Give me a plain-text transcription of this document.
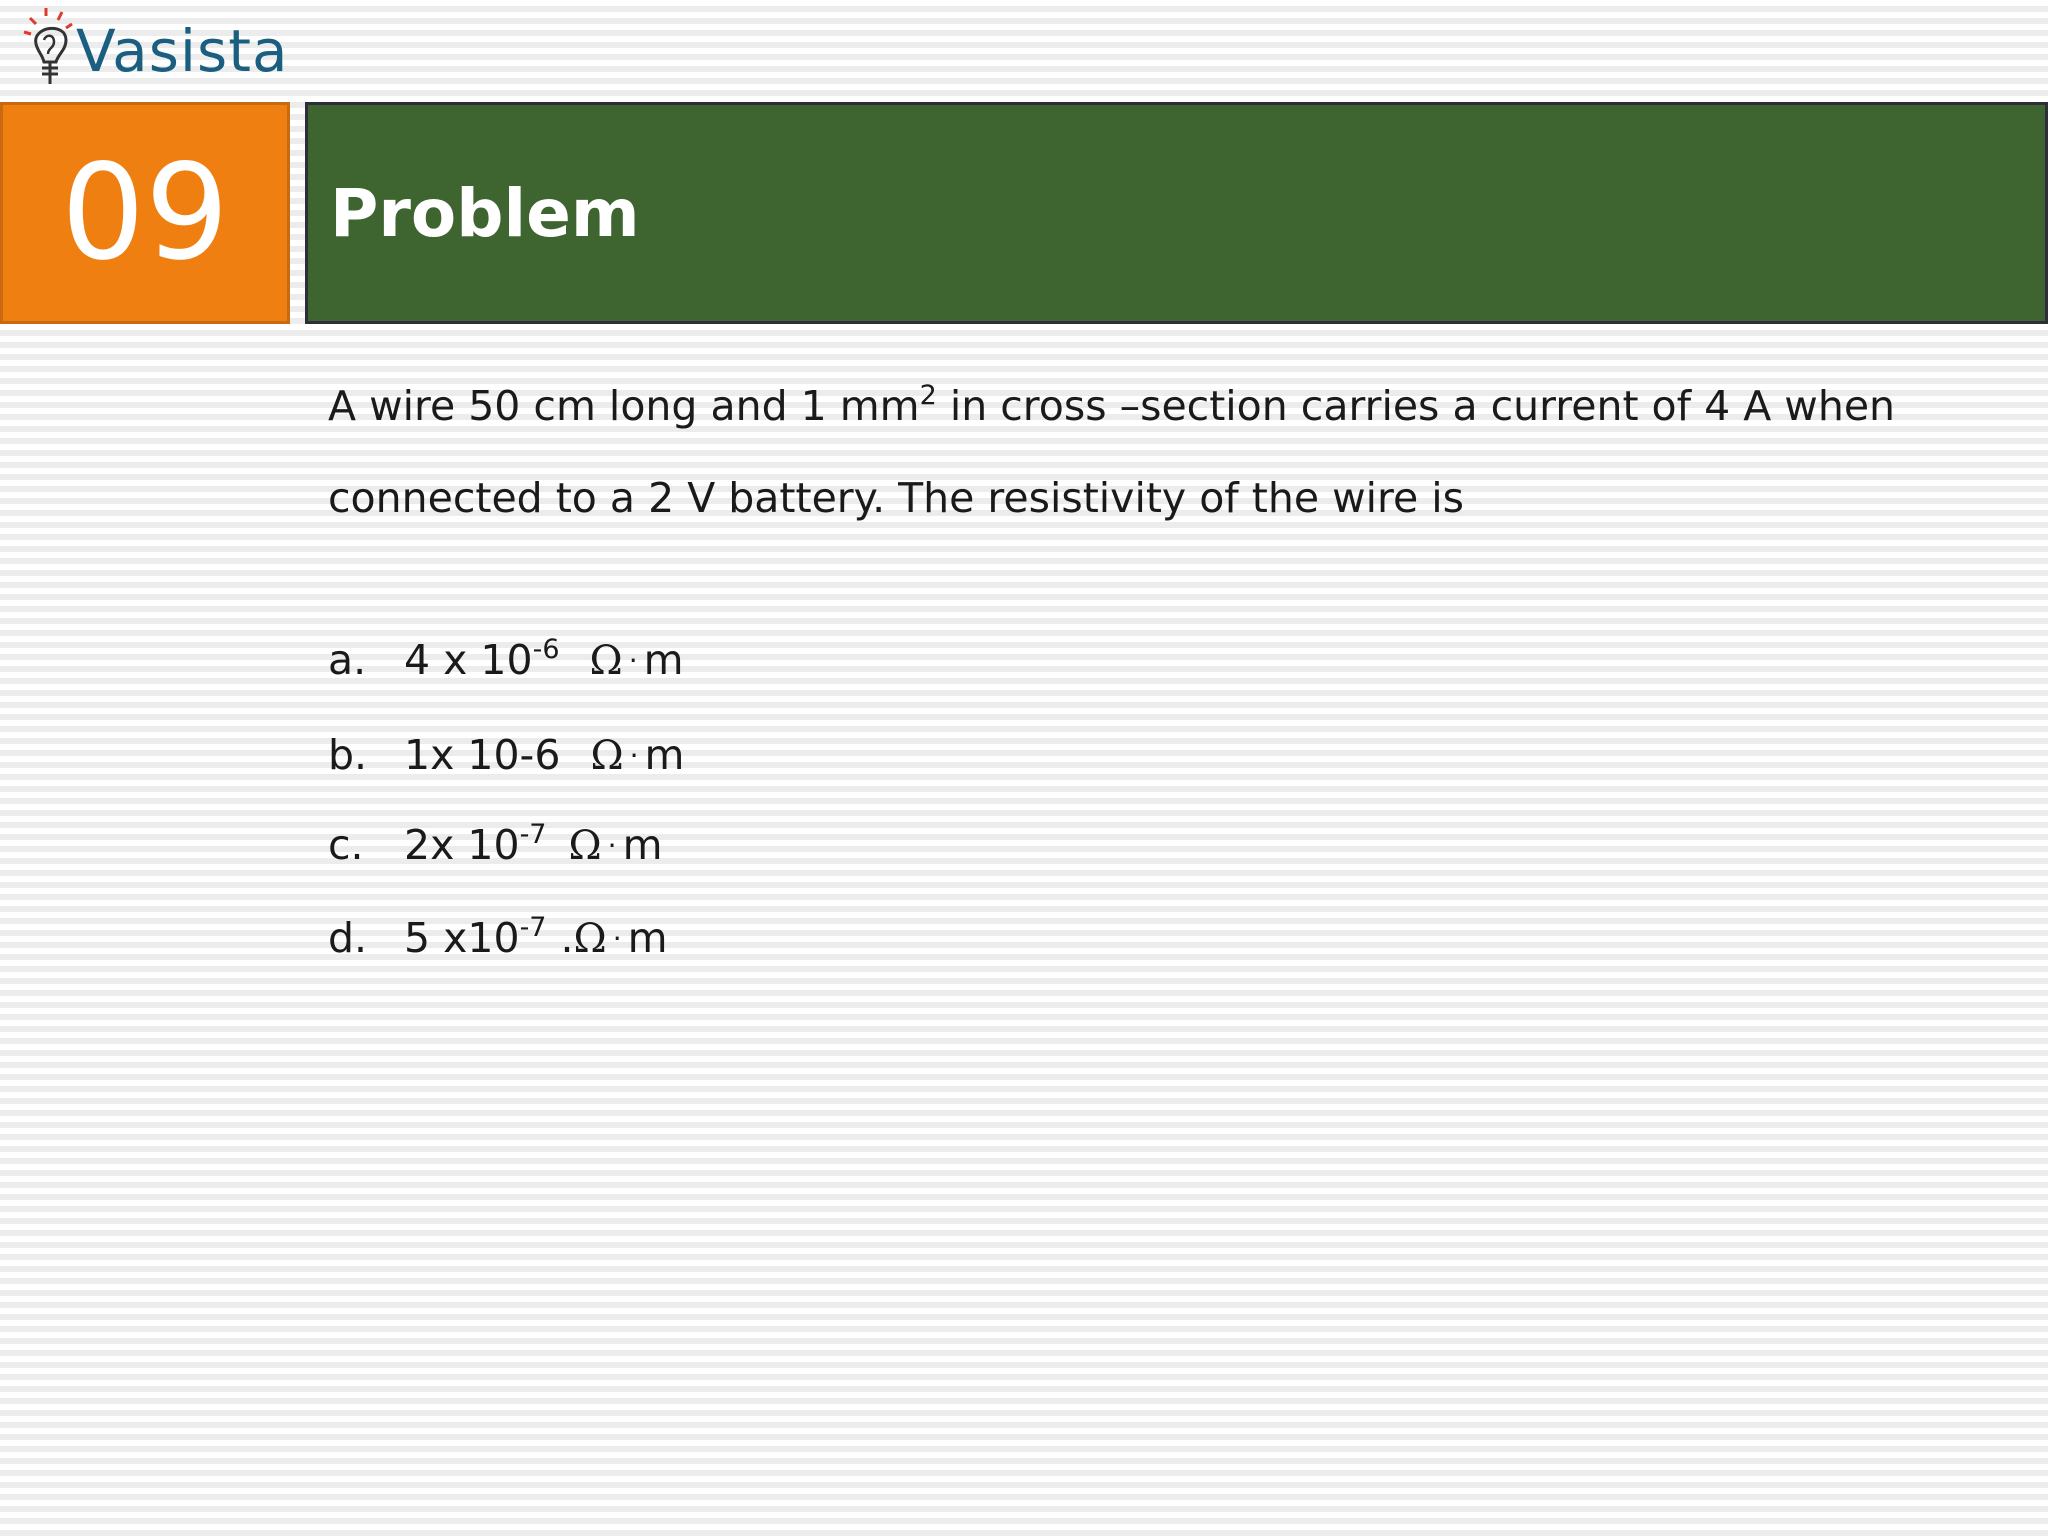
Vasista
09 Problem
A wire 50 cm long and 1 $mm^2$ in cross –section carries a current of 4 A when connected to a 2 V battery. The resistivity of the wire is
a. 4 x $10^{-6}$ Ω · m
b. 1x 10-6 Ω · m
c. 2x $10^{-7}$ Ω · m
d. 5 $x10^{-7}$ .Ω · m
